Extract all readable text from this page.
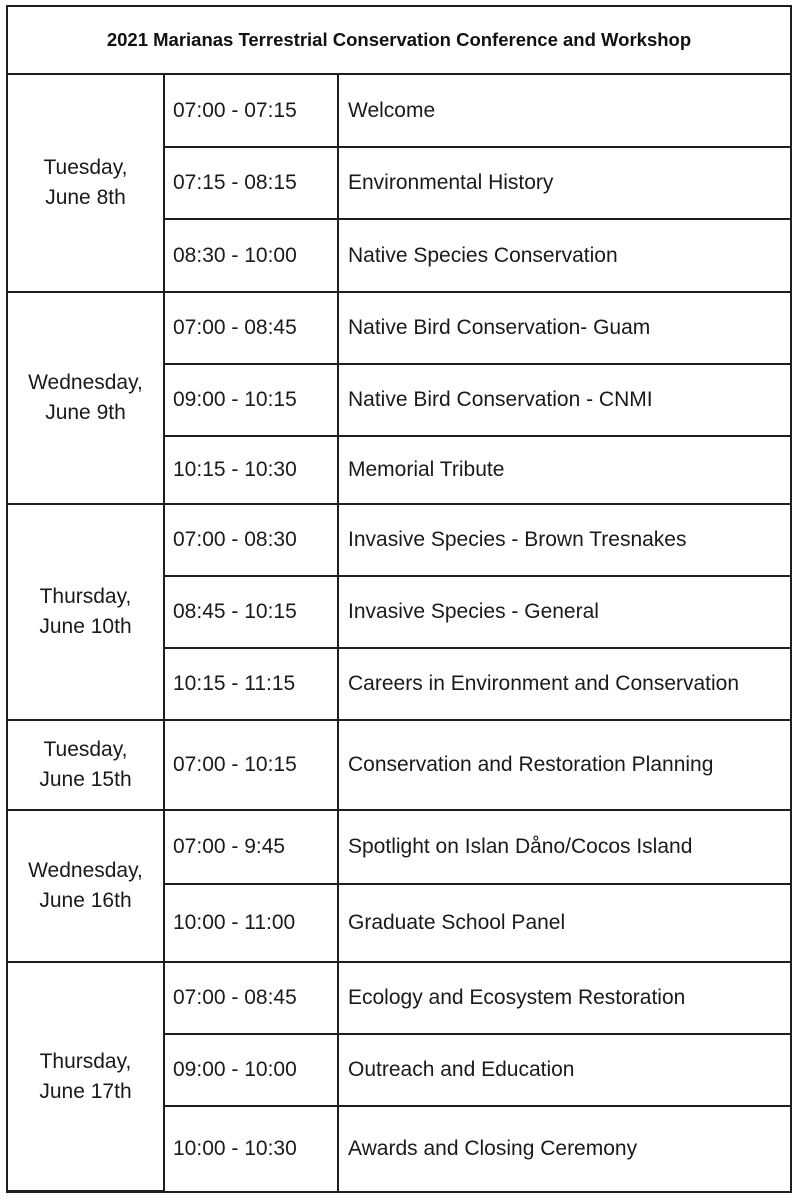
2021 Marianas Terrestrial Conservation Conference and Workshop
Tuesday,
June 8th	07:00 - 07:15	Welcome
	07:15 - 08:15	Environmental History
	08:30 - 10:00	Native Species Conservation

Wednesday,
June 9th	07:00 - 08:45	Native Bird Conservation- Guam
	09:00 - 10:15	Native Bird Conservation - CNMI
	10:15 - 10:30	Memorial Tribute

Thursday,
June 10th	07:00 - 08:30	Invasive Species - Brown Tresnakes
	08:45 - 10:15	Invasive Species - General
	10:15 - 11:15	Careers in Environment and Conservation

Tuesday,
June 15th	07:00 - 10:15	Conservation and Restoration Planning

Wednesday,
June 16th	07:00 - 9:45	Spotlight on Islan Dåno/Cocos Island
	10:00 - 11:00	Graduate School Panel

Thursday,
June 17th	07:00 - 08:45	Ecology and Ecosystem Restoration
	09:00 - 10:00	Outreach and Education
	10:00 - 10:30	Awards and Closing Ceremony
